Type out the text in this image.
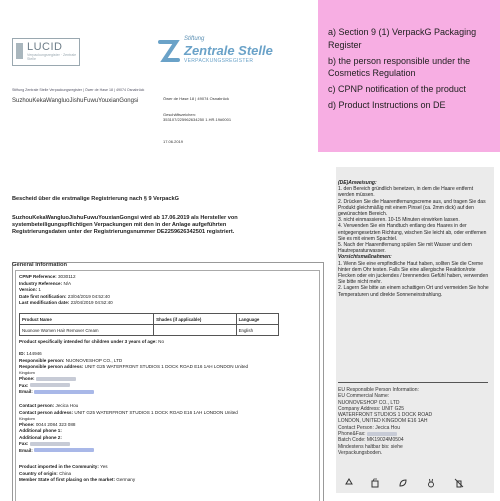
LUCID
Verpackungsregister · Zentrale Stelle
Stiftung
Zentrale Stelle
VERPACKUNGSREGISTER
Stiftung Zentrale Stelle Verpackungsregister | Öwer de Hase 18 | 49074 Osnabrück
SuzhouKekaWangluoJishuFuwuYouxianGongsi	Öwer de Hase 18 | 49074 Osnabrück
Geschäftszeichen:
353107/225962634250 1.HR.19#0001
17.06.2019
Bescheid über die erstmalige Registrierung nach § 9 VerpackG
SuzhouKekaWangluoJishuFuwuYouxianGongsi wird ab 17.06.2019 als Hersteller von
systembeteiligungspflichtigen Verpackungen mit den in der Anlage aufgeführten
Registrierungsdaten unter der Registrierungsnummer DE2259626342501 registriert.
General information
CPNP Reference: 3030112
Industry Reference: N/A
Version: 1
Date first notification: 23/04/2019 04:52:40
Last modification date: 23/04/2019 04:52:40
Product Name	Shades (if applicable)	Language
Nuonove Women Hair Remover Cream		English
Product specifically intended for children under 3 years of age: No
ID: 144946
Responsible person: NUONOVESHOP CO., LTD
Responsible person address: UNIT G25 WATERFRONT STUDIOS 1 DOCK ROAD E16 1AH LONDON United
Kingdom
Phone:
Fax:
Email:
Contact person: Jecica Hou
Contact person address: UNIT G25 WATERFRONT STUDIOS 1 DOCK ROAD E16 1AH LONDON United
Kingdom
Phone: 0044 2084 323 088
Additional phone 1:
Additional phone 2:
Fax:
Email:
Product imported in the Community: Yes
Country of origin: China
Member State of first placing on the market: Germany
a) Section 9 (1) VerpackG Packaging Register
b) the person responsible under the Cosmetics Regulation
c) CPNP notification of the product
d) Product Instructions on DE

(DE)Anweisung:

1. den Bereich gründlich benetzen, in dem die Haare entfernt werden müssen.

2. Drücken Sie die Haarentfernungscreme aus, und tragen Sie das Produkt gleichmäßig mit einem Pinsel (ca. 2mm dick) auf den gewünschten Bereich.

3. nicht einmassieren. 10-15 Minuten einwirken lassen.

4. Verwenden Sie ein Handtuch entlang des Haares in der entgegengesetzten Richtung, wischen Sie leicht ab, oder entfernen Sie es mit einem Spachtel.

5. Nach der Haarentfernung spülen Sie mit Wasser und dem Hautreparaturwasser.

Vorsichtsmaßnahmen:

1. Wenn Sie eine empfindliche Haut haben, sollten Sie die Creme hinter dem Ohr testen. Falls Sie eine allergische Reaktion/rote Flecken oder ein juckendes / brennendes Gefühl haben, verwenden Sie bitte nicht mehr.

2. Lagern Sie bitte an einem schattigen Ort und vermeiden Sie hohe Temperaturen und direkte Sonneneinstrahlung.

EU Responsible Person Information:

EU Commercial Name:

NUONOVESHOP CO., LTD

Company Address: UNIT G25

WATERFRONT STUDIOS 1 DOCK ROAD

LONDON, UNITED KINGDOM E16 1AH

Contact Person: Jecica Hou

Phone&Fax:

Batch Code: MK19024M0504

Mindestens haltbar bis: siehe

Verpackungsboden.
